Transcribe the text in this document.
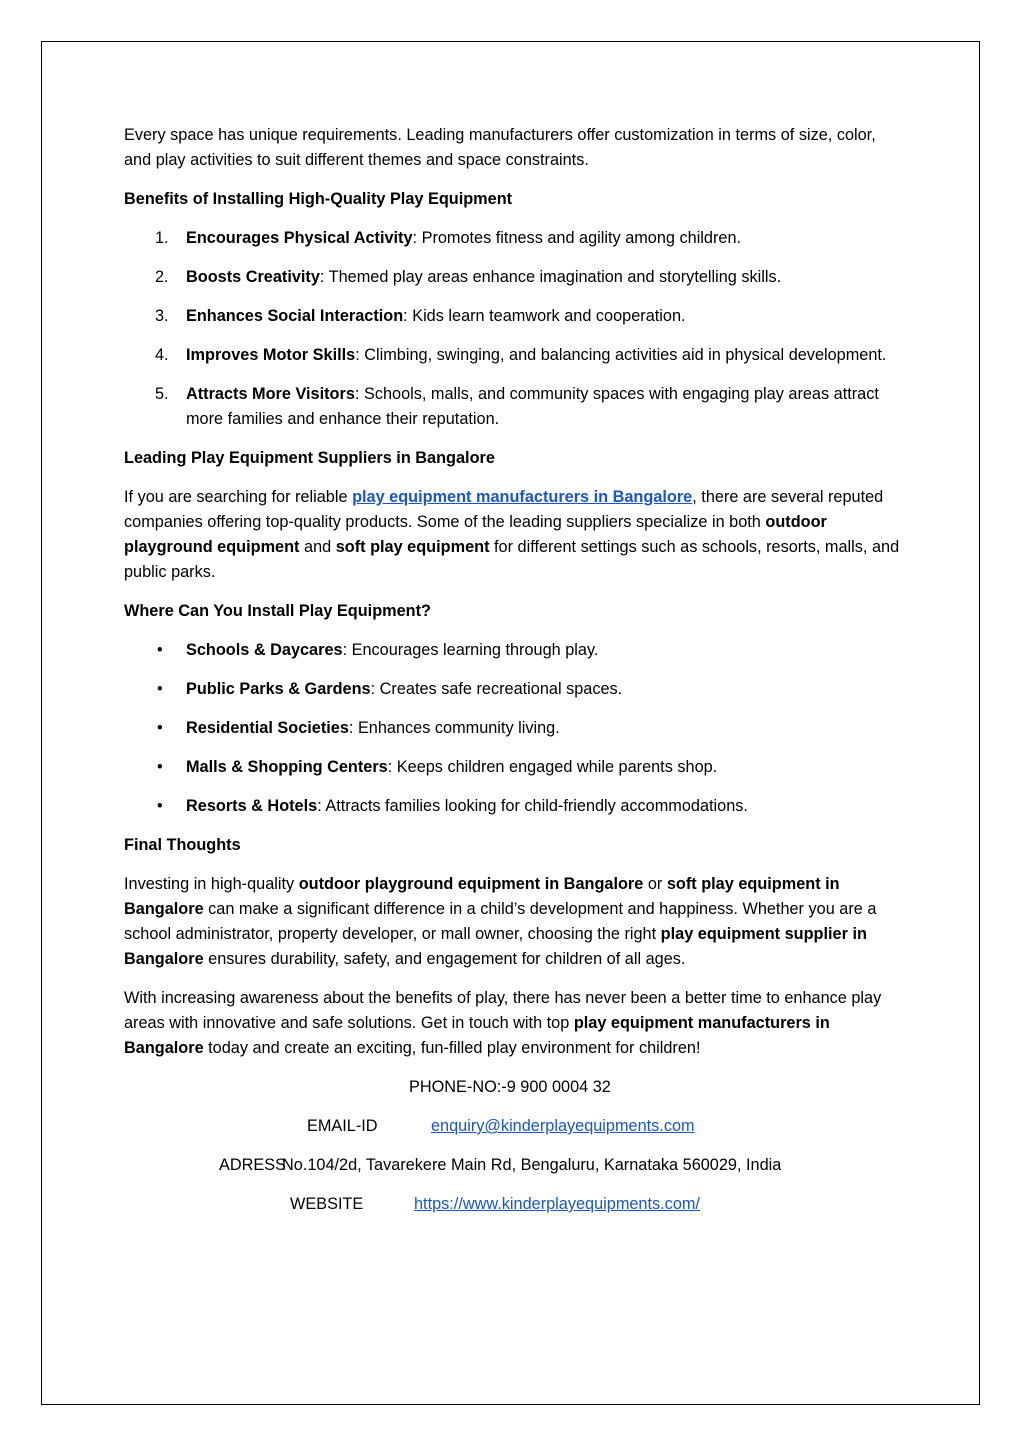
Every space has unique requirements. Leading manufacturers offer customization in terms of size, color, and play activities to suit different themes and space constraints.

Benefits of Installing High-Quality Play Equipment
1. Encourages Physical Activity: Promotes fitness and agility among children.
2. Boosts Creativity: Themed play areas enhance imagination and storytelling skills.
3. Enhances Social Interaction: Kids learn teamwork and cooperation.
4. Improves Motor Skills: Climbing, swinging, and balancing activities aid in physical development.
5. Attracts More Visitors: Schools, malls, and community spaces with engaging play areas attract more families and enhance their reputation.
Leading Play Equipment Suppliers in Bangalore

If you are searching for reliable play equipment manufacturers in Bangalore, there are several reputed companies offering top-quality products. Some of the leading suppliers specialize in both outdoor playground equipment and soft play equipment for different settings such as schools, resorts, malls, and public parks.

Where Can You Install Play Equipment?
• Schools & Daycares: Encourages learning through play.
• Public Parks & Gardens: Creates safe recreational spaces.
• Residential Societies: Enhances community living.
• Malls & Shopping Centers: Keeps children engaged while parents shop.
• Resorts & Hotels: Attracts families looking for child-friendly accommodations.
Final Thoughts

Investing in high-quality outdoor playground equipment in Bangalore or soft play equipment in Bangalore can make a significant difference in a child’s development and happiness. Whether you are a school administrator, property developer, or mall owner, choosing the right play equipment supplier in Bangalore ensures durability, safety, and engagement for children of all ages.

With increasing awareness about the benefits of play, there has never been a better time to enhance play areas with innovative and safe solutions. Get in touch with top play equipment manufacturers in Bangalore today and create an exciting, fun-filled play environment for children!

PHONE-NO:-9 900 0004 32
EMAIL-ID	enquiry@kinderplayequipments.com
ADRESS
No.104/2d, Tavarekere Main Rd, Bengaluru, Karnataka 560029, India
WEBSITE	https://www.kinderplayequipments.com/
